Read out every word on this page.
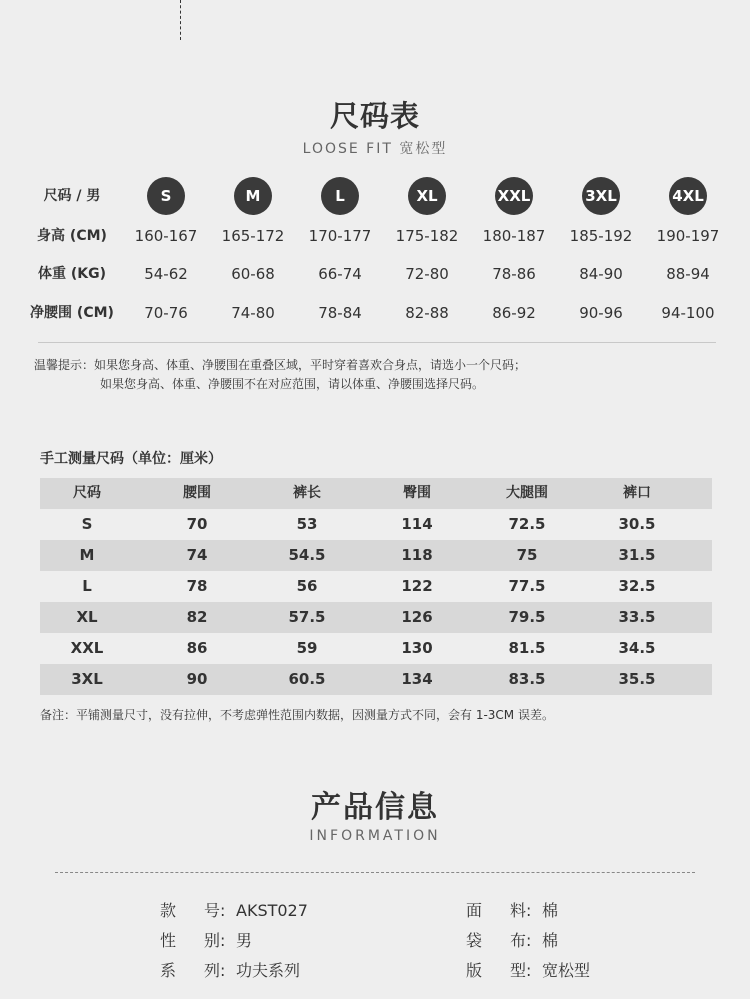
尺码表
LOOSE FIT 宽松型
尺码 / 男	S	M	L	XL	XXL	3XL	4XL
身高 (CM)	160-167	165-172	170-177	175-182	180-187	185-192	190-197
体重 (KG)	54-62	60-68	66-74	72-80	78-86	84-90	88-94
净腰围 (CM)	70-76	74-80	78-84	82-88	86-92	90-96	94-100
温馨提示：如果您身高、体重、净腰围在重叠区域，平时穿着喜欢合身点，请选小一个尺码；
如果您身高、体重、净腰围不在对应范围，请以体重、净腰围选择尺码。
手工测量尺码（单位：厘米）
尺码	腰围	裤长	臀围	大腿围	裤口
S	70	53	114	72.5	30.5
M	74	54.5	118	75	31.5
L	78	56	122	77.5	32.5
XL	82	57.5	126	79.5	33.5
XXL	86	59	130	81.5	34.5
3XL	90	60.5	134	83.5	35.5
备注：平铺测量尺寸，没有拉伸，不考虑弹性范围内数据，因测量方式不同，会有 1-3CM 误差。
产品信息
INFORMATION
款 号: AKST027
性 别: 男
系 列: 功夫系列
面 料: 棉
袋 布: 棉
版 型: 宽松型
